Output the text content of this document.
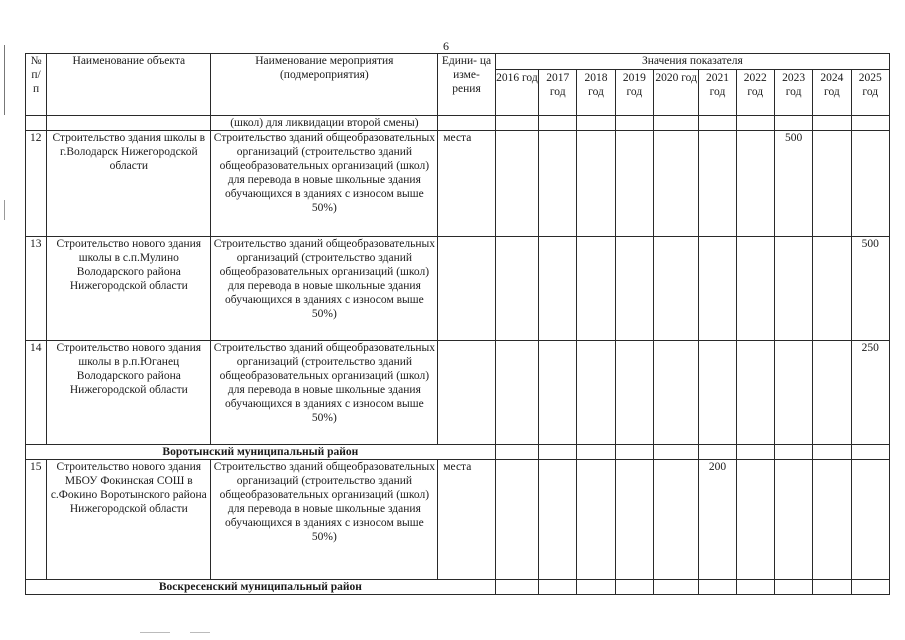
6
№ п/ п	Наименование объекта	Наименование мероприятия (подмероприятия)	Едини- ца изме- рения	Значения показателя									
				2016 год	2017 год	2018 год	2019 год	2020 год	2021 год	2022 год	2023 год	2024 год	2025 год
		(школ) для ликвидации второй смены)											
12	Строительство здания школы в г.Володарск Нижегородской области	Строительство зданий общеобразовательных организаций (строительство зданий общеобразовательных организаций (школ) для перевода в новые школьные здания обучающихся в зданиях с износом выше 50%)	места								500		
13	Строительство нового здания школы в с.п.Мулино Володарского района Нижегородской области	Строительство зданий общеобразовательных организаций (строительство зданий общеобразовательных организаций (школ) для перевода в новые школьные здания обучающихся в зданиях с износом выше 50%)											500
14	Строительство нового здания школы в р.п.Юганец Володарского района Нижегородской области	Строительство зданий общеобразовательных организаций (строительство зданий общеобразовательных организаций (школ) для перевода в новые школьные здания обучающихся в зданиях с износом выше 50%)											250
Воротынский муниципальный район													
15	Строительство нового здания МБОУ Фокинская СОШ в с.Фокино Воротынского района Нижегородской области	Строительство зданий общеобразовательных организаций (строительство зданий общеобразовательных организаций (школ) для перевода в новые школьные здания обучающихся в зданиях с износом выше 50%)	места						200				
Воскресенский муниципальный район													
